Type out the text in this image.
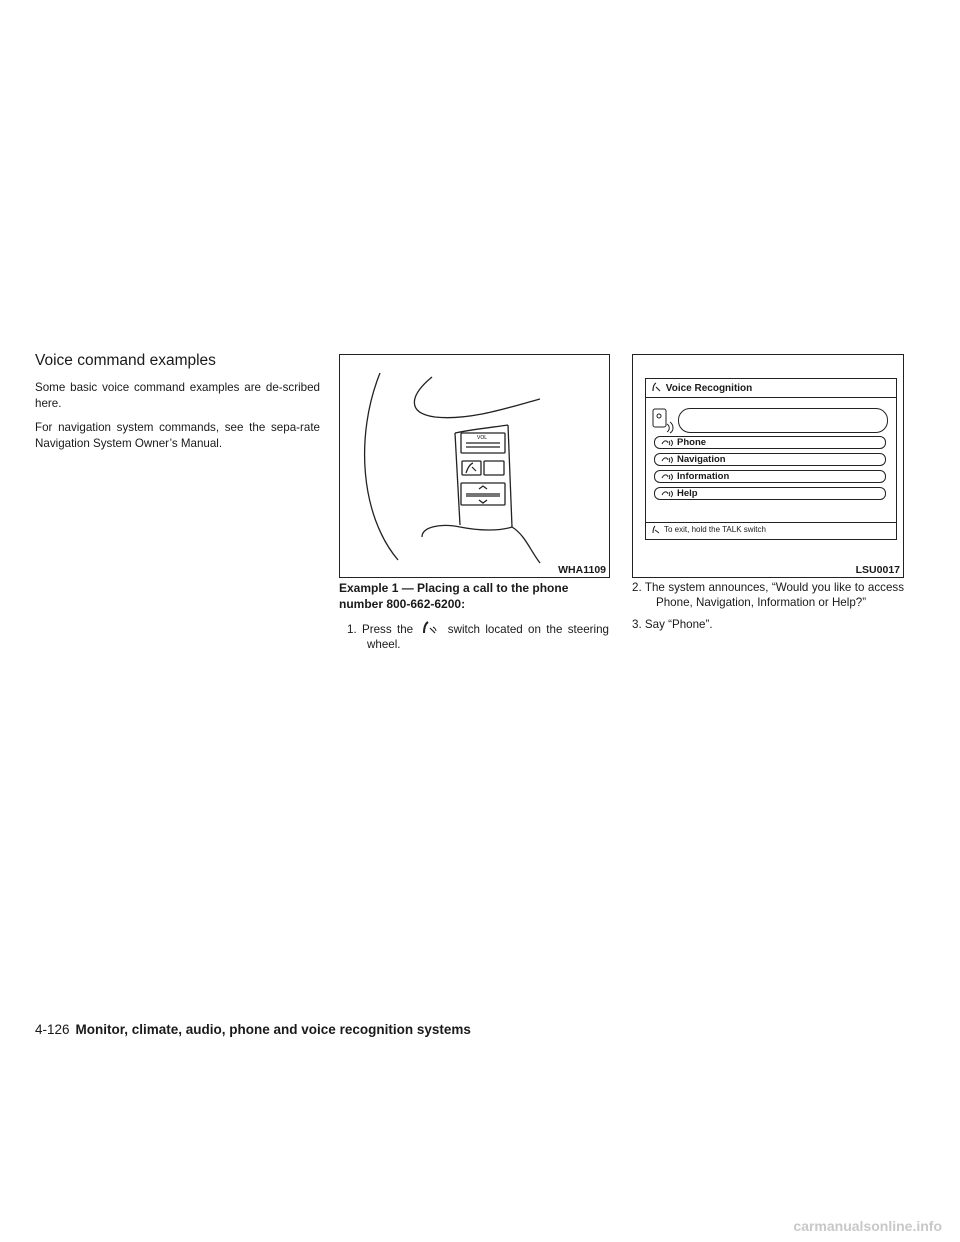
Voice command examples

Some basic voice command examples are de-scribed here.

For navigation system commands, see the sepa-rate Navigation System Owner’s Manual.	VOL
WHA1109
Voice Recognition
Phone
Navigation
Information
Help
To exit, hold the TALK switch
LSU0017
Example 1 — Placing a call to the phone number 800-662-6200:
1. Press the	switch located on the steering wheel.
2. The system announces, “Would you like to access Phone, Navigation, Information or Help?”
3. Say “Phone”.
4-126 Monitor, climate, audio, phone and voice recognition systems
carmanualsonline.info
